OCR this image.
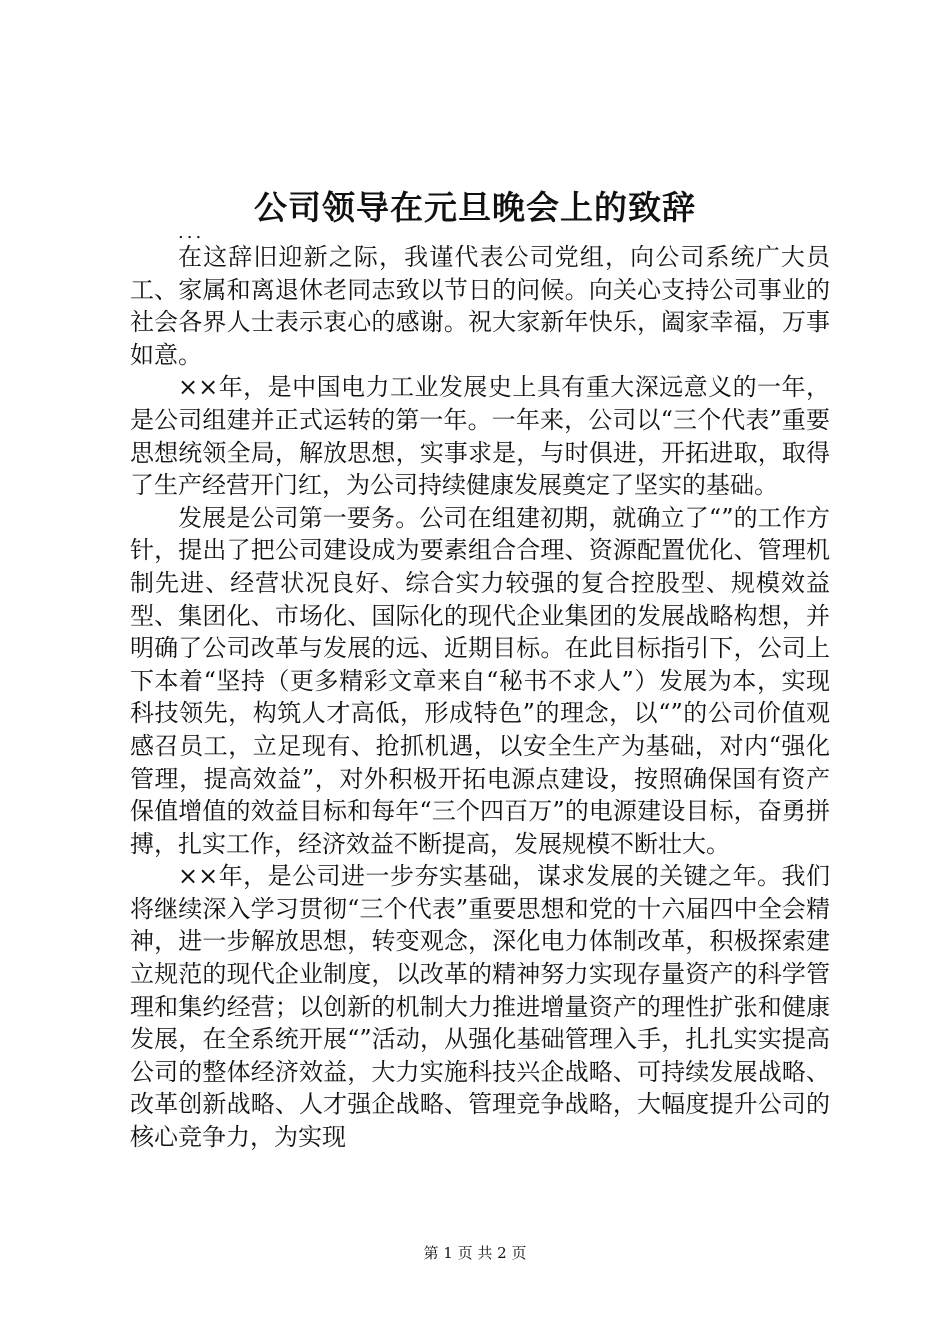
公司领导在元旦晚会上的致辞
...

在这辞旧迎新之际，我谨代表公司党组，向公司系统广大员工、家属和离退休老同志致以节日的问候。向关心支持公司事业的社会各界人士表示衷心的感谢。祝大家新年快乐，阖家幸福，万事如意。

××年，是中国电力工业发展史上具有重大深远意义的一年，是公司组建并正式运转的第一年。一年来，公司以“三个代表”重要思想统领全局，解放思想，实事求是，与时俱进，开拓进取，取得了生产经营开门红，为公司持续健康发展奠定了坚实的基础。

发展是公司第一要务。公司在组建初期，就确立了“”的工作方针，提出了把公司建设成为要素组合合理、资源配置优化、管理机制先进、经营状况良好、综合实力较强的复合控股型、规模效益型、集团化、市场化、国际化的现代企业集团的发展战略构想，并明确了公司改革与发展的远、近期目标。在此目标指引下，公司上下本着“坚持（更多精彩文章来自“秘书不求人”）发展为本，实现科技领先，构筑人才高低，形成特色”的理念，以“”的公司价值观感召员工，立足现有、抢抓机遇，以安全生产为基础，对内“强化管理，提高效益”，对外积极开拓电源点建设，按照确保国有资产保值增值的效益目标和每年“三个四百万”的电源建设目标，奋勇拼搏，扎实工作，经济效益不断提高，发展规模不断壮大。

××年，是公司进一步夯实基础，谋求发展的关键之年。我们将继续深入学习贯彻“三个代表”重要思想和党的十六届四中全会精神，进一步解放思想，转变观念，深化电力体制改革，积极探索建立规范的现代企业制度，以改革的精神努力实现存量资产的科学管理和集约经营；以创新的机制大力推进增量资产的理性扩张和健康发展，在全系统开展“”活动，从强化基础管理入手，扎扎实实提高公司的整体经济效益，大力实施科技兴企战略、可持续发展战略、改革创新战略、人才强企战略、管理竞争战略，大幅度提升公司的核心竞争力，为实现

第 1 页 共 2 页
